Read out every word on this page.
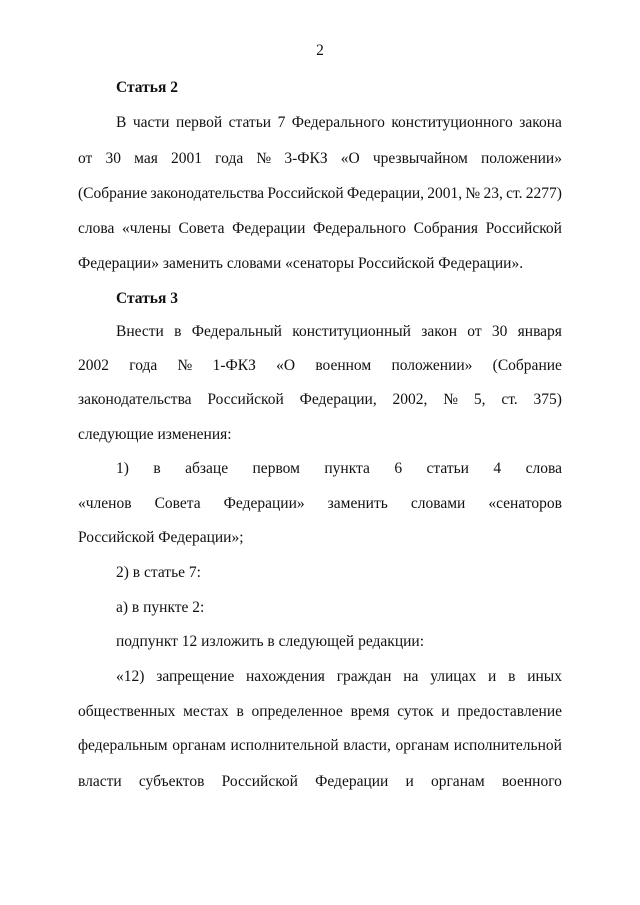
2
Статья 2
В части первой статьи 7 Федерального конституционного закона
от 30 мая 2001 года № 3-ФКЗ «О чрезвычайном положении»
(Собрание законодательства Российской Федерации, 2001, № 23, ст. 2277)
слова «члены Совета Федерации Федерального Собрания Российской
Федерации» заменить словами «сенаторы Российской Федерации».
Статья 3
Внести в Федеральный конституционный закон от 30 января
2002 года № 1-ФКЗ «О военном положении» (Собрание
законодательства Российской Федерации, 2002, № 5, ст. 375)
следующие изменения:
1) в абзаце первом пункта 6 статьи 4 слова
«членов Совета Федерации» заменить словами «сенаторов
Российской Федерации»;
2) в статье 7:
а) в пункте 2:
подпункт 12 изложить в следующей редакции:
«12) запрещение нахождения граждан на улицах и в иных
общественных местах в определенное время суток и предоставление
федеральным органам исполнительной власти, органам исполнительной
власти субъектов Российской Федерации и органам военного
